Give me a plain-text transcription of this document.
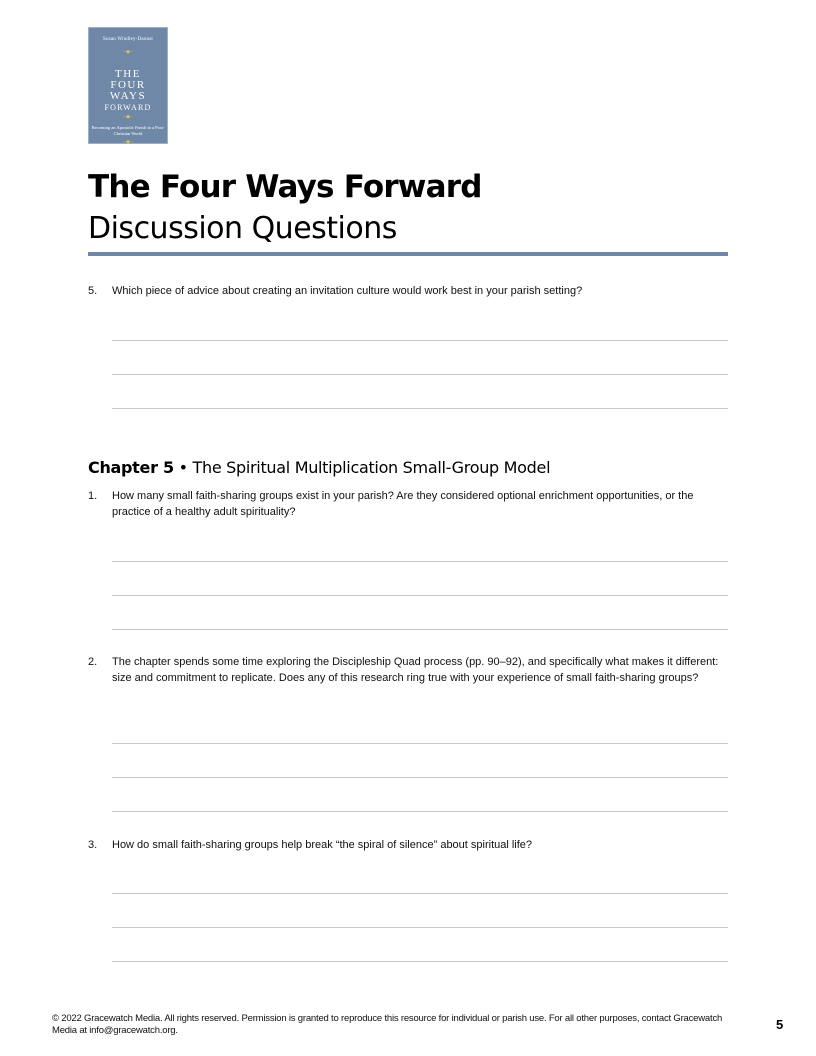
Susan Windley-Daoust
~◆~
THE
FOUR
WAYS
FORWARD
~◆~
Becoming an Apostolic Parish in a Post-Christian World
~◆~
The Four Ways Forward
Discussion Questions
5. Which piece of advice about creating an invitation culture would work best in your parish setting?
Chapter 5 • The Spiritual Multiplication Small-Group Model
1. How many small faith-sharing groups exist in your parish? Are they considered optional enrichment opportunities, or the practice of a healthy adult spirituality?
2. The chapter spends some time exploring the Discipleship Quad process (pp. 90–92), and specifically what makes it different: size and commitment to replicate. Does any of this research ring true with your experience of small faith-sharing groups?
3. How do small faith-sharing groups help break “the spiral of silence” about spiritual life?
© 2022 Gracewatch Media. All rights reserved. Permission is granted to reproduce this resource for individual or parish use. For all other purposes, contact Gracewatch Media at info@gracewatch.org.	5
